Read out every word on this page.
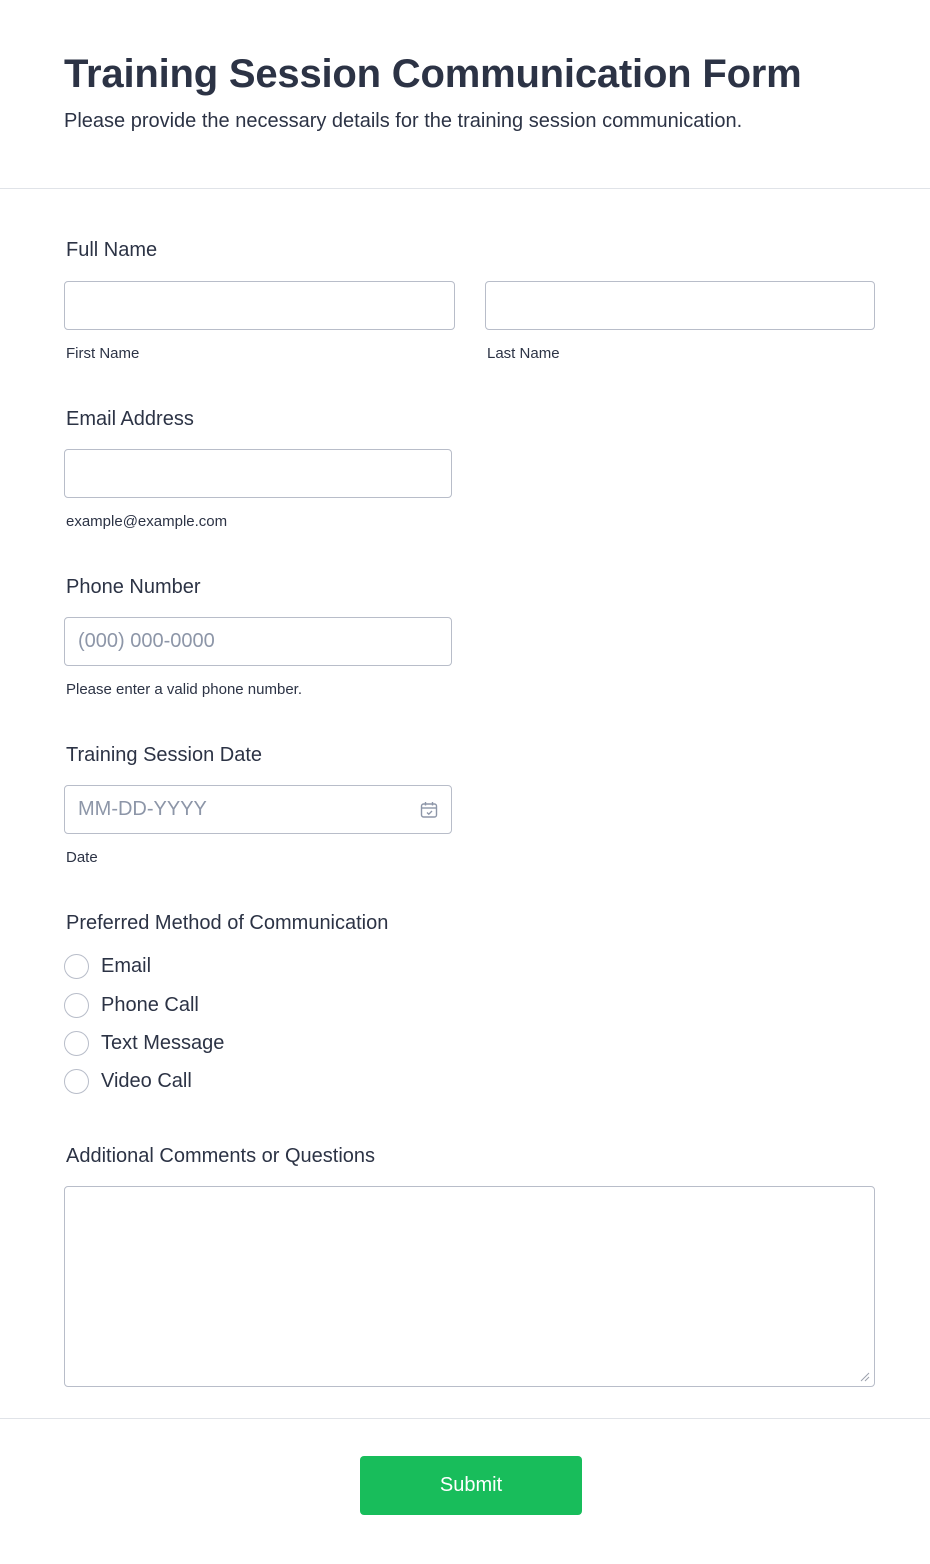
Training Session Communication Form

Please provide the necessary details for the training session communication.

Full Name
First Name	Last Name
Email Address
example@example.com
Phone Number
(000) 000-0000
Please enter a valid phone number.
Training Session Date
MM-DD-YYYY
Date
Preferred Method of Communication
Email
Phone Call
Text Message
Video Call
Additional Comments or Questions
Submit
